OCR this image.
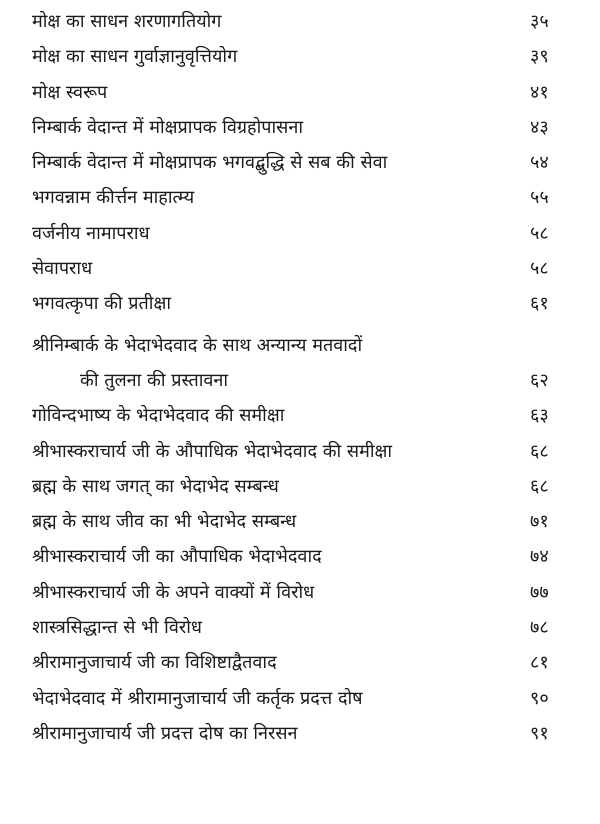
मोक्ष का साधन शरणागतियोग	३५
मोक्ष का साधन गुर्वाज्ञानुवृत्तियोग	३९
मोक्ष स्वरूप	४१
निम्बार्क वेदान्त में मोक्षप्रापक विग्रहोपासना	४३
निम्बार्क वेदान्त में मोक्षप्रापक भगवद्बुद्धि से सब की सेवा	५४
भगवन्नाम कीर्त्तन माहात्म्य	५५
वर्जनीय नामापराध	५८
सेवापराध	५८
भगवत्कृपा की प्रतीक्षा	६१
श्रीनिम्बार्क के भेदाभेदवाद के साथ अन्यान्य मतवादों
की तुलना की प्रस्तावना	६२
गोविन्दभाष्य के भेदाभेदवाद की समीक्षा	६३
श्रीभास्कराचार्य जी के औपाधिक भेदाभेदवाद की समीक्षा	६८
ब्रह्म के साथ जगत् का भेदाभेद सम्बन्ध	६८
ब्रह्म के साथ जीव का भी भेदाभेद सम्बन्ध	७१
श्रीभास्कराचार्य जी का औपाधिक भेदाभेदवाद	७४
श्रीभास्कराचार्य जी के अपने वाक्यों में विरोध	७७
शास्त्रसिद्धान्त से भी विरोध	७८
श्रीरामानुजाचार्य जी का विशिष्टाद्वैतवाद	८१
भेदाभेदवाद में श्रीरामानुजाचार्य जी कर्तृक प्रदत्त दोष	९०
श्रीरामानुजाचार्य जी प्रदत्त दोष का निरसन	९१
